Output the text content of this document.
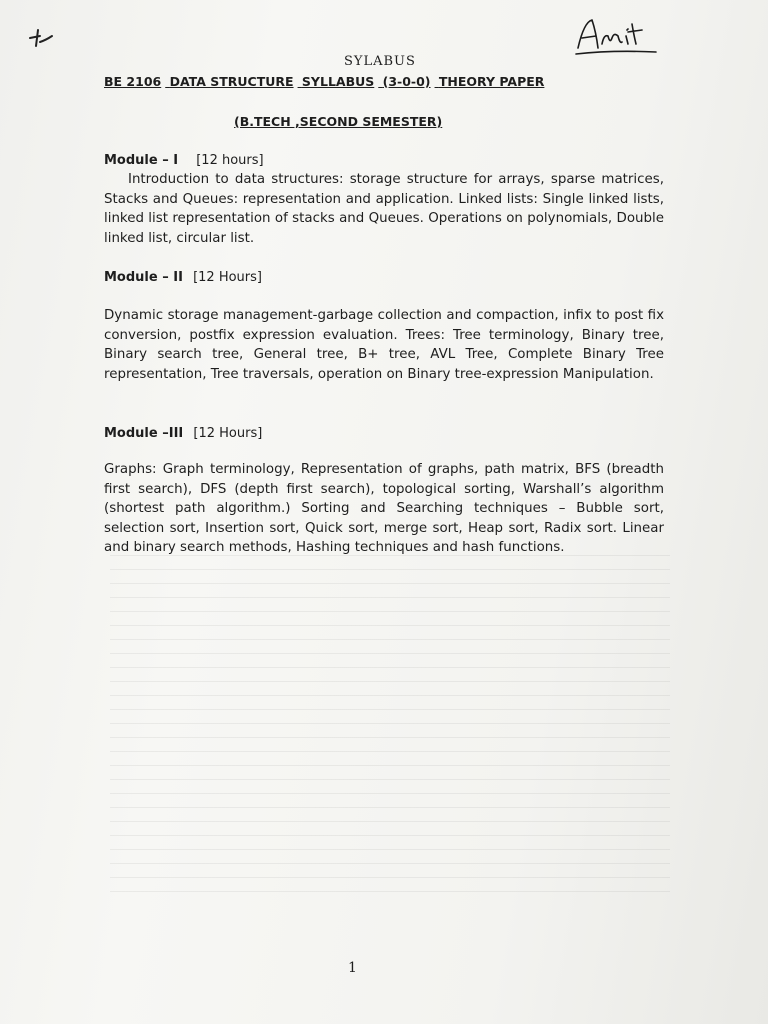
SYLABUS
BE 2106 DATA STRUCTURE SYLLABUS (3-0-0) THEORY PAPER
(B.TECH ,SECOND SEMESTER)
Module – I [12 hours]
Introduction to data structures: storage structure for arrays, sparse matrices, Stacks and Queues: representation and application. Linked lists: Single linked lists, linked list representation of stacks and Queues. Operations on polynomials, Double linked list, circular list.
Module – II [12 Hours]
Dynamic storage management-garbage collection and compaction, infix to post fix conversion, postfix expression evaluation. Trees: Tree terminology, Binary tree, Binary search tree, General tree, B+ tree, AVL Tree, Complete Binary Tree representation, Tree traversals, operation on Binary tree-expression Manipulation.
Module –III [12 Hours]
Graphs: Graph terminology, Representation of graphs, path matrix, BFS (breadth first search), DFS (depth first search), topological sorting, Warshall’s algorithm (shortest path algorithm.) Sorting and Searching techniques – Bubble sort, selection sort, Insertion sort, Quick sort, merge sort, Heap sort, Radix sort. Linear and binary search methods, Hashing techniques and hash functions.
1
